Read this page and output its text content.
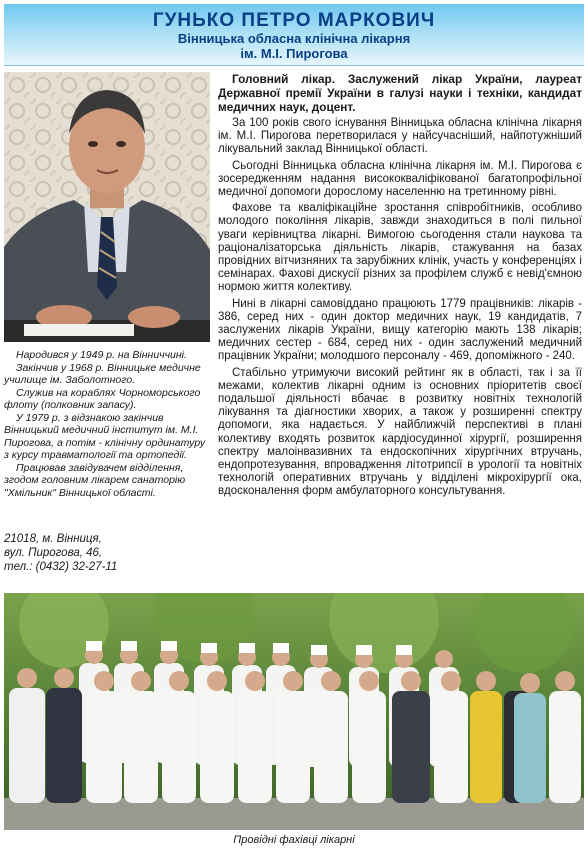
ГУНЬКО ПЕТРО МАРКОВИЧ
Вінницька обласна клінічна лікарня
ім. М.І. Пирогова

Народився у 1949 р. на Вінниччині.

Закінчив у 1968 р. Вінницьке медичне училище ім. Заболотного.

Служив на кораблях Чорноморського флоту (полковник запасу).

У 1979 р. з відзнакою закінчив Вінницький медичний інститут ім. М.І. Пирогова, а потім - клінічну ординатуру з курсу травматології та ортопедії.

Працював завідувачем відділення, згодом головним лікарем санаторію "Хмільник" Вінницької області.

21018, м. Вінниця,
вул. Пирогова, 46,
тел.: (0432) 32-27-11

Головний лікар. Заслужений лікар України, лауреат Державної премії України в галузі науки і техніки, кандидат медичних наук, доцент.

За 100 років свого існування Вінницька обласна клінічна лікарня ім. М.І. Пирогова перетворилася у найсучасніший, найпотужніший лікувальний заклад Вінницької області.

Сьогодні Вінницька обласна клінічна лікарня ім. М.І. Пирогова є зосередженням надання висококваліфікованої багатопрофільної медичної допомоги дорослому населенню на третинному рівні.

Фахове та кваліфікаційне зростання співробітників, особливо молодого покоління лікарів, завжди знаходиться в полі пильної уваги керівництва лікарні. Вимогою сьогодення стали наукова та раціоналізаторська діяльність лікарів, стажування на базах провідних вітчизняних та зарубіжних клінік, участь у конференціях і семінарах. Фахові дискусії різних за профілем служб є невід'ємною нормою життя колективу.

Нині в лікарні самовіддано працюють 1779 працівників: лікарів - 386, серед них - один доктор медичних наук, 19 кандидатів, 7 заслужених лікарів України, вищу категорію мають 138 лікарів; медичних сестер - 684, серед них - один заслужений медичний працівник України; молодшого персоналу - 469, допоміжного - 240.

Стабільно утримуючи високий рейтинг як в області, так і за її межами, колектив лікарні одним із основних пріоритетів своєї подальшої діяльності вбачає в розвитку новітніх технологій лікування та діагностики хворих, а також у розширенні спектру допомоги, яка надається. У найближчій перспективі в плані колективу входять розвиток кардіосудинної хірургії, розширення спектру малоінвазивних та ендоскопічних хірургічних втручань, ендопротезування, впровадження літотрипсії в урології та новітніх технологій оперативних втручань у відділені мікрохірургії ока, вдосконалення форм амбулаторного консультування.

Провідні фахівці лікарні
